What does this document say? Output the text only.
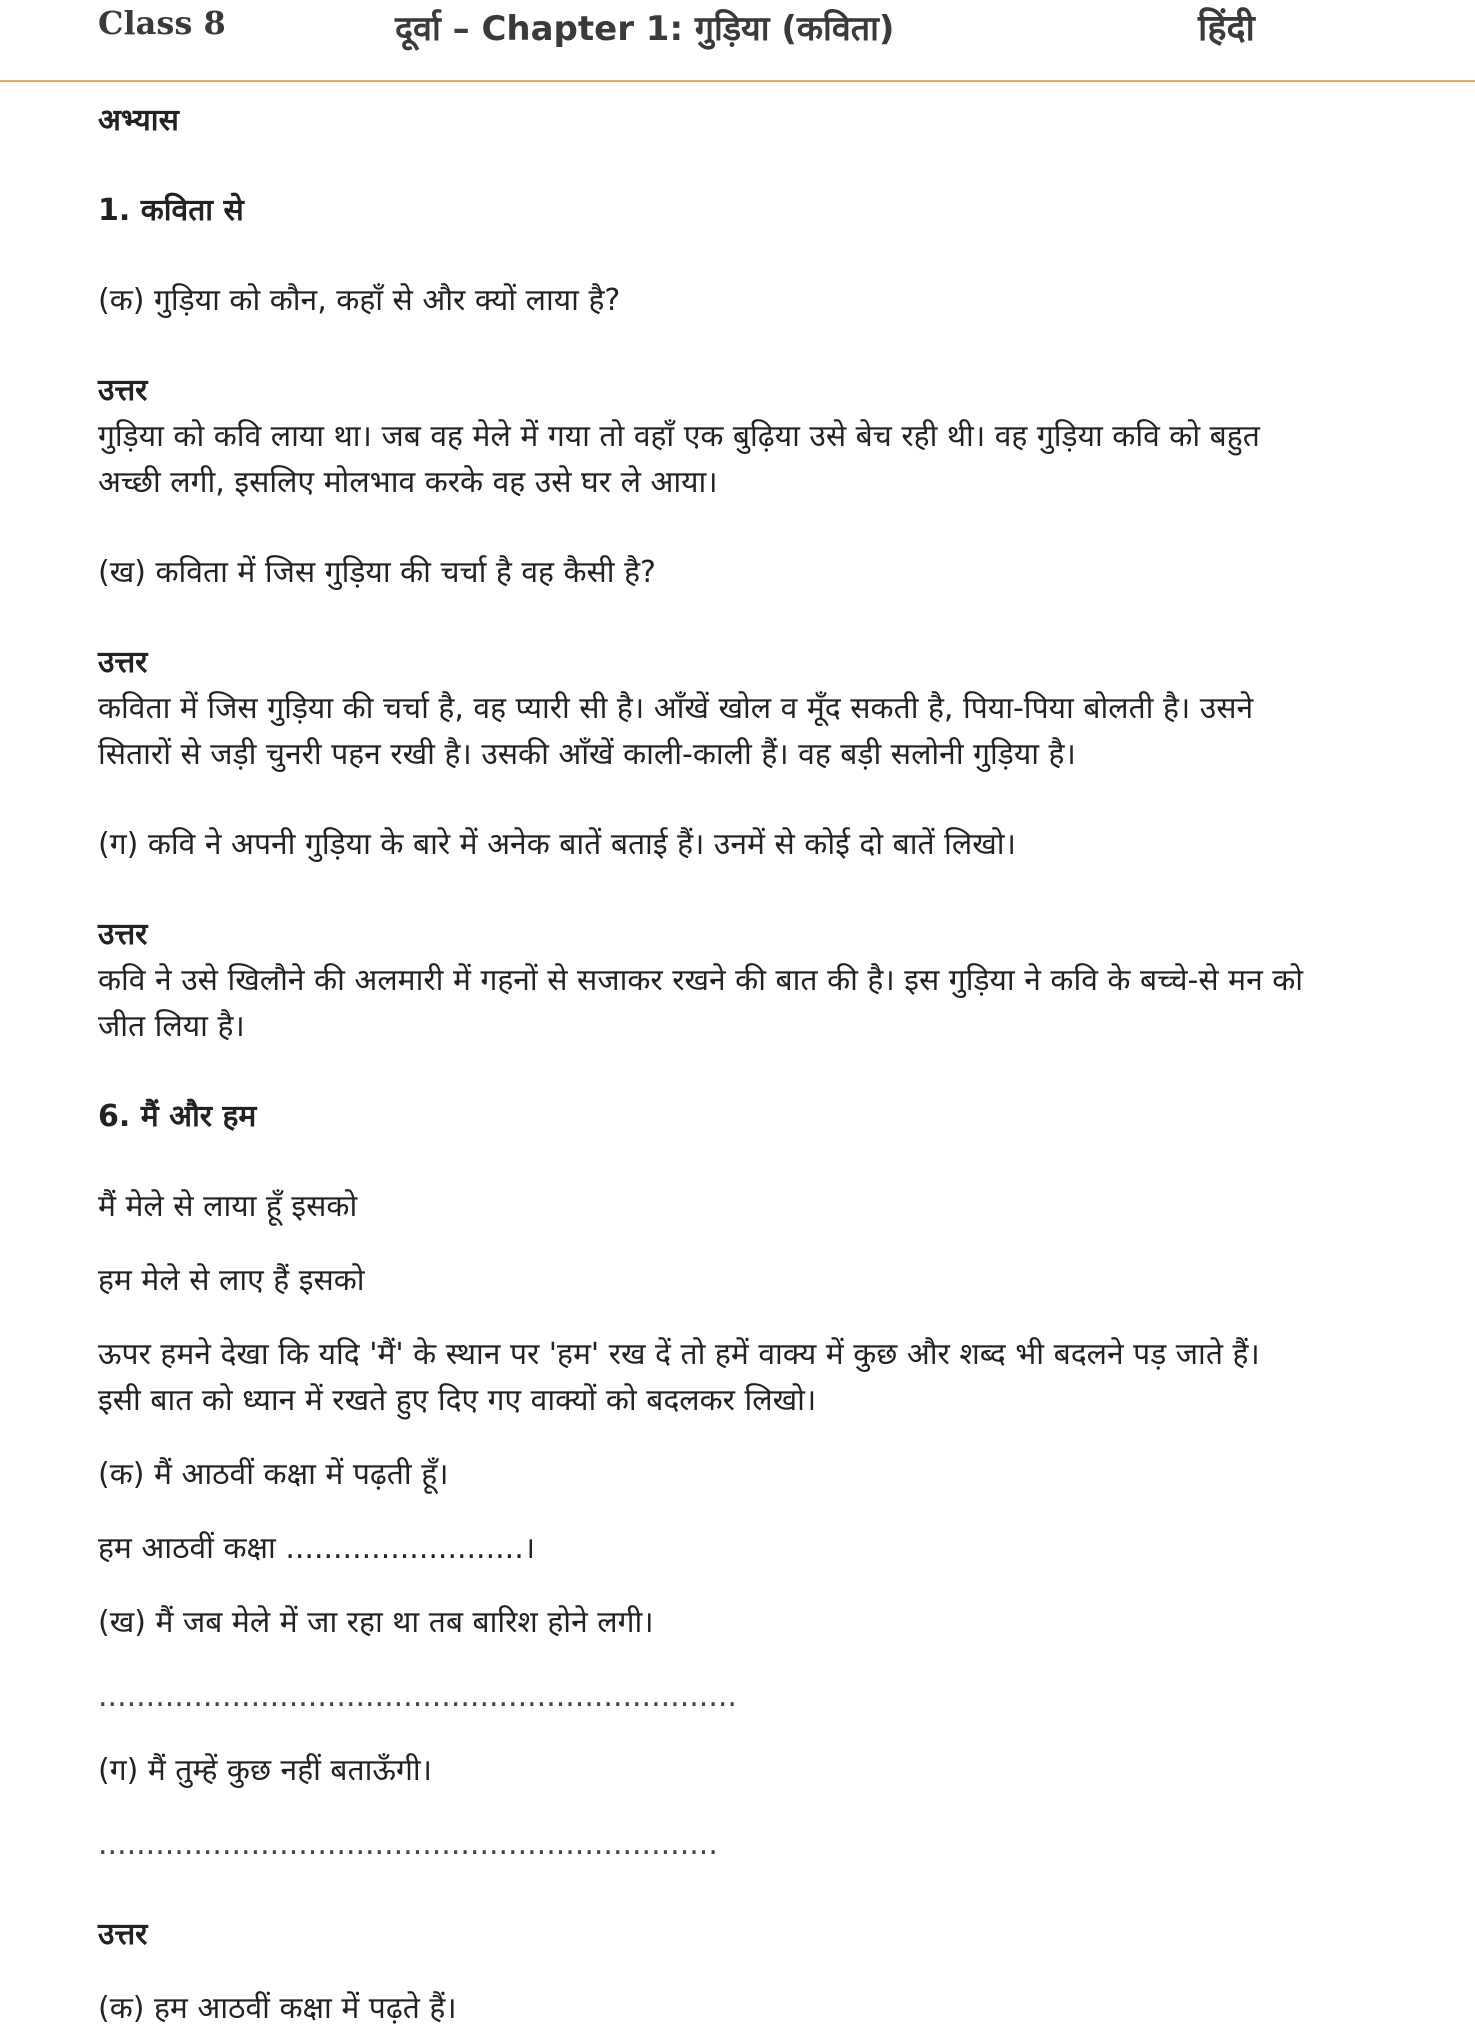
Class 8	दूर्वा – Chapter 1: गुड़िया (कविता)	हिंदी

अभ्यास

1. कविता से

(क) गुड़िया को कौन, कहाँ से और क्यों लाया है?

उत्तर

गुड़िया को कवि लाया था। जब वह मेले में गया तो वहाँ एक बुढ़िया उसे बेच रही थी। वह गुड़िया कवि को बहुत

अच्छी लगी, इसलिए मोलभाव करके वह उसे घर ले आया।

(ख) कविता में जिस गुड़िया की चर्चा है वह कैसी है?

उत्तर

कविता में जिस गुड़िया की चर्चा है, वह प्यारी सी है। आँखें खोल व मूँद सकती है, पिया-पिया बोलती है। उसने

सितारों से जड़ी चुनरी पहन रखी है। उसकी आँखें काली-काली हैं। वह बड़ी सलोनी गुड़िया है।

(ग) कवि ने अपनी गुड़िया के बारे में अनेक बातें बताई हैं। उनमें से कोई दो बातें लिखो।

उत्तर

कवि ने उसे खिलौने की अलमारी में गहनों से सजाकर रखने की बात की है। इस गुड़िया ने कवि के बच्चे-से मन को

जीत लिया है।

6. मैं और हम

मैं मेले से लाया हूँ इसको

हम मेले से लाए हैं इसको

ऊपर हमने देखा कि यदि 'मैं' के स्थान पर 'हम' रख दें तो हमें वाक्य में कुछ और शब्द भी बदलने पड़ जाते हैं।

इसी बात को ध्यान में रखते हुए दिए गए वाक्यों को बदलकर लिखो।

(क) मैं आठवीं कक्षा में पढ़ती हूँ।

हम आठवीं कक्षा .........................।

(ख) मैं जब मेले में जा रहा था तब बारिश होने लगी।

...................................................................

(ग) मैं तुम्हें कुछ नहीं बताऊँगी।

.................................................................

उत्तर

(क) हम आठवीं कक्षा में पढ़ते हैं।
